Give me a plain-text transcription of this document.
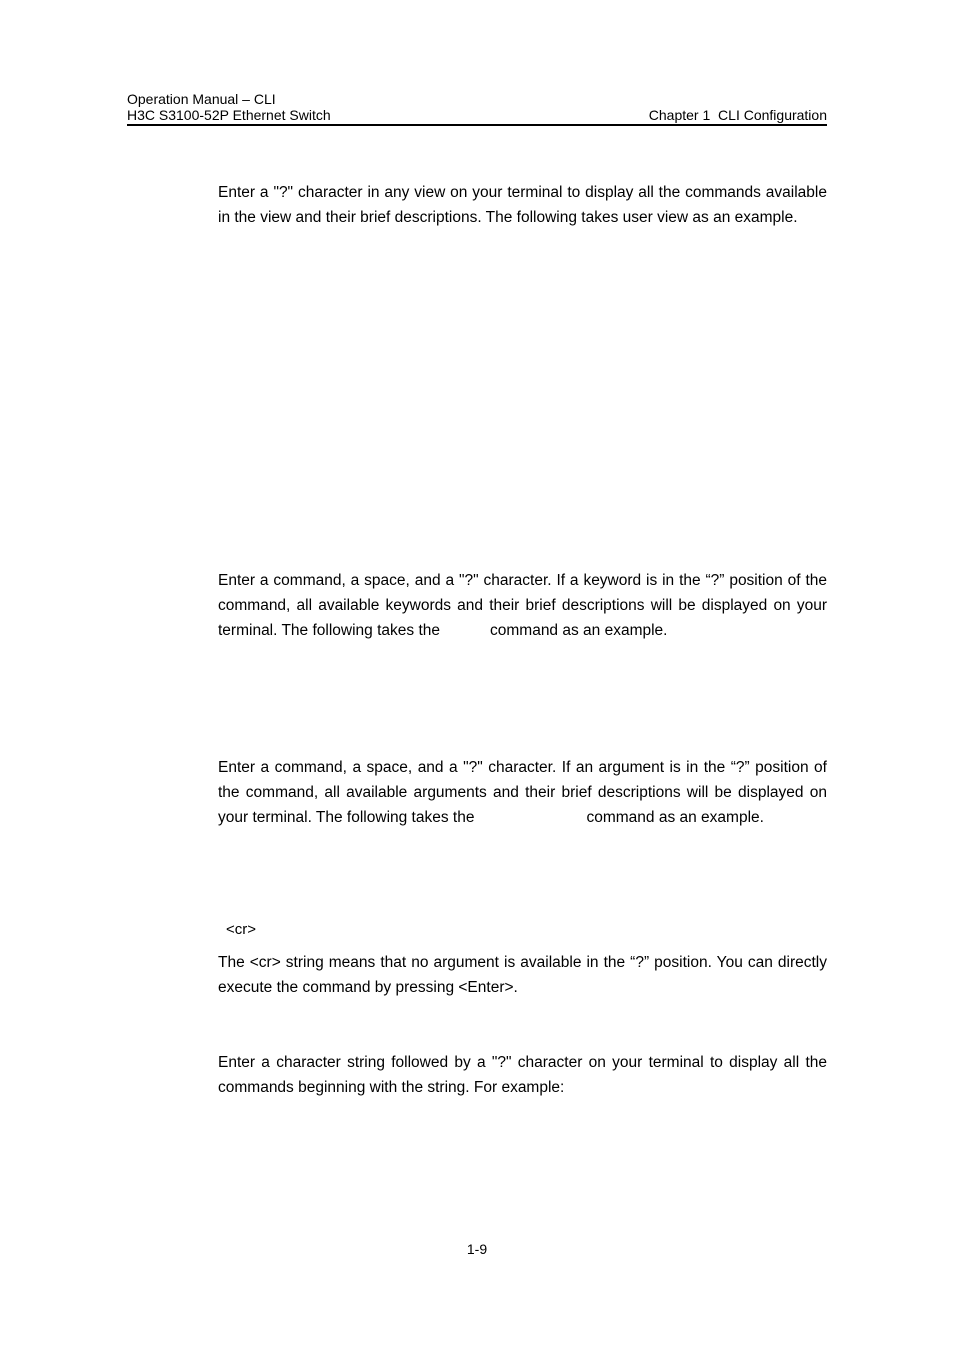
Operation Manual – CLI
H3C S3100-52P Ethernet Switch	Chapter 1  CLI Configuration

Enter a "?" character in any view on your terminal to display all the commands available in the view and their brief descriptions. The following takes user view as an example.

Enter a command, a space, and a "?" character. If a keyword is in the “?” position of the command, all available keywords and their brief descriptions will be displayed on your terminal. The following takes the	command as an example.

Enter a command, a space, and a "?" character. If an argument is in the “?” position of the command, all available arguments and their brief descriptions will be displayed on your terminal. The following takes the	command as an example.

<cr>

The <cr> string means that no argument is available in the “?” position. You can directly execute the command by pressing <Enter>.

Enter a character string followed by a "?" character on your terminal to display all the commands beginning with the string. For example:

1-9
